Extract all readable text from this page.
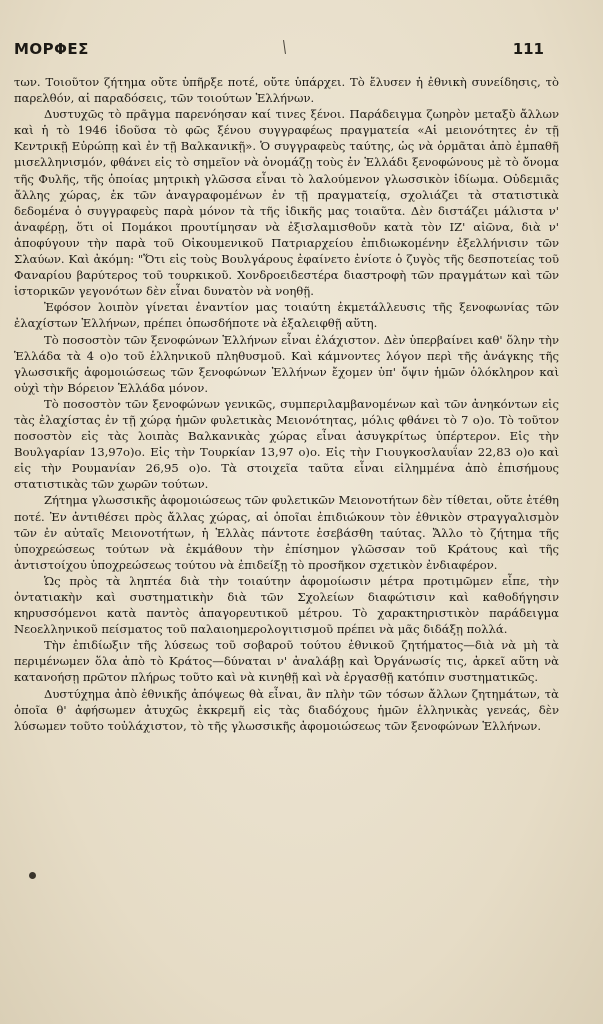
ΜΟΡΦΕΣ	111

των. Τοιοῦτον ζήτημα οὔτε ὑπῆρξε ποτέ, οὔτε ὑπάρχει. Τὸ ἔλυσεν ἡ ἐθνικὴ συνείδησις, τὸ παρελθόν, αἱ παραδόσεις, τῶν τοιούτων Ἑλλήνων.

Δυστυχῶς τὸ πρᾶγμα παρενόησαν καί τινες ξένοι. Παράδειγμα ζωηρὸν μεταξὺ ἄλλων καὶ ἡ τὸ 1946 ἰδοῦσα τὸ φῶς ξένου συγγραφέως πραγματεία «Αἱ μειονότητες ἐν τῇ Κεντρικῇ Εὐρώπῃ καὶ ἐν τῇ Βαλκανικῇ». Ὁ συγγραφεὺς ταύτης, ὡς νὰ ὁρμᾶται ἀπὸ ἐμπαθῆ μισελληνισμόν, φθάνει εἰς τὸ σημεῖον νὰ ὀνομάζῃ τοὺς ἐν Ἑλλάδι ξενοφώνους μὲ τὸ ὄνομα τῆς Φυλῆς, τῆς ὁποίας μητρικὴ γλῶσσα εἶναι τὸ λαλούμενον γλωσσικὸν ἰδίωμα. Οὐδεμιᾶς ἄλλης χώρας, ἐκ τῶν ἀναγραφομένων ἐν τῇ πραγματείᾳ, σχολιάζει τὰ στατιστικὰ δεδομένα ὁ συγγραφεὺς παρὰ μόνον τὰ τῆς ἰδικῆς μας τοιαῦτα. Δὲν διστάζει μάλιστα ν' ἀναφέρῃ, ὅτι οἱ Πομάκοι προυτίμησαν νὰ ἐξισλαμισθοῦν κατὰ τὸν ΙΖ' αἰῶνα, διὰ ν' ἀποφύγουν τὴν παρὰ τοῦ Οἰκουμενικοῦ Πατριαρχείου ἐπιδιωκομένην ἐξελλήνισιν τῶν Σλαύων. Καὶ ἀκόμη: "Ὅτι εἰς τοὺς Βουλγάρους ἐφαίνετο ἐνίοτε ὁ ζυγὸς τῆς δεσποτείας τοῦ Φαναρίου βαρύτερος τοῦ τουρκικοῦ. Χονδροειδεστέρα διαστροφὴ τῶν πραγμάτων καὶ τῶν ἱστορικῶν γεγονότων δὲν εἶναι δυνατὸν νὰ νοηθῇ.

Ἐφόσον λοιπὸν γίνεται ἐναντίον μας τοιαύτη ἐκμετάλλευσις τῆς ξενοφωνίας τῶν ἐλαχίστων Ἑλλήνων, πρέπει ὁπωσδήποτε νὰ ἐξαλειφθῇ αὕτη.

Τὸ ποσοστὸν τῶν ξενοφώνων Ἑλλήνων εἶναι ἐλάχιστον. Δὲν ὑπερβαίνει καθ' ὅλην τὴν Ἑλλάδα τὰ 4 ο)ο τοῦ ἑλληνικοῦ πληθυσμοῦ. Καὶ κάμνοντες λόγον περὶ τῆς ἀνάγκης τῆς γλωσσικῆς ἀφομοιώσεως τῶν ξενοφώνων Ἑλλήνων ἔχομεν ὑπ' ὄψιν ἡμῶν ὁλόκληρον καὶ οὐχὶ τὴν Βόρειον Ἑλλάδα μόνον.

Τὸ ποσοστὸν τῶν ξενοφώνων γενικῶς, συμπεριλαμβανομένων καὶ τῶν ἀνηκόντων εἰς τὰς ἐλαχίστας ἐν τῇ χώρᾳ ἡμῶν φυλετικὰς Μειονότητας, μόλις φθάνει τὸ 7 ο)ο. Τὸ τοῦτον ποσοστὸν εἰς τὰς λοιπὰς Βαλκανικὰς χώρας εἶναι ἀσυγκρίτως ὑπέρτερον. Εἰς τὴν Βουλγαρίαν 13,97ο)ο. Εἰς τὴν Τουρκίαν 13,97 ο)ο. Εἰς τὴν Γιουγκοσλαυΐαν 22,83 ο)ο καὶ εἰς τὴν Ρουμανίαν 26,95 ο)ο. Τὰ στοιχεῖα ταῦτα εἶναι εἰλημμένα ἀπὸ ἐπισήμους στατιστικὰς τῶν χωρῶν τούτων.

Ζήτημα γλωσσικῆς ἀφομοιώσεως τῶν φυλετικῶν Μειονοτήτων δὲν τίθεται, οὔτε ἐτέθη ποτέ. Ἐν ἀντιθέσει πρὸς ἄλλας χώρας, αἱ ὁποῖαι ἐπιδιώκουν τὸν ἐθνικὸν στραγγαλισμὸν τῶν ἐν αὐταῖς Μειονοτήτων, ἡ Ἑλλὰς πάντοτε ἐσεβάσθη ταύτας. Ἄλλο τὸ ζήτημα τῆς ὑποχρεώσεως τούτων νὰ ἐκμάθουν τὴν ἐπίσημον γλῶσσαν τοῦ Κράτους καὶ τῆς ἀντιστοίχου ὑποχρεώσεως τούτου νὰ ἐπιδείξῃ τὸ προσῆκον σχετικὸν ἐνδιαφέρον.

Ὡς πρὸς τὰ ληπτέα διὰ τὴν τοιαύτην ἀφομοίωσιν μέτρα προτιμῶμεν εἶπε, τὴν ὀντατιακὴν καὶ συστηματικὴν διὰ τῶν Σχολείων διαφώτισιν καὶ καθοδήγησιν κηρυσσόμενοι κατὰ παντὸς ἀπαγορευτικοῦ μέτρου. Τὸ χαρακτηριστικὸν παράδειγμα Νεοελληνικοῦ πείσματος τοῦ παλαιοημερολογιτισμοῦ πρέπει νὰ μᾶς διδάξῃ πολλά.

Τὴν ἐπιδίωξιν τῆς λύσεως τοῦ σοβαροῦ τούτου ἐθνικοῦ ζητήματος—διὰ νὰ μὴ τὰ περιμένωμεν ὅλα ἀπὸ τὸ Κράτος—δύναται ν' ἀναλάβῃ καὶ Ὀργάνωσίς τις, ἀρκεῖ αὕτη νὰ κατανοήσῃ πρῶτον πλήρως τοῦτο καὶ νὰ κινηθῇ καὶ νὰ ἐργασθῇ κατόπιν συστηματικῶς.

Δυστύχημα ἀπὸ ἐθνικῆς ἀπόψεως θὰ εἶναι, ἂν πλὴν τῶν τόσων ἄλλων ζητημάτων, τὰ ὁποῖα θ' ἀφήσωμεν ἀτυχῶς ἐκκρεμῆ εἰς τὰς διαδόχους ἡμῶν ἑλληνικὰς γενεάς, δὲν λύσωμεν τοῦτο τοὐλάχιστον, τὸ τῆς γλωσσικῆς ἀφομοιώσεως τῶν ξενοφώνων Ἑλλήνων.
